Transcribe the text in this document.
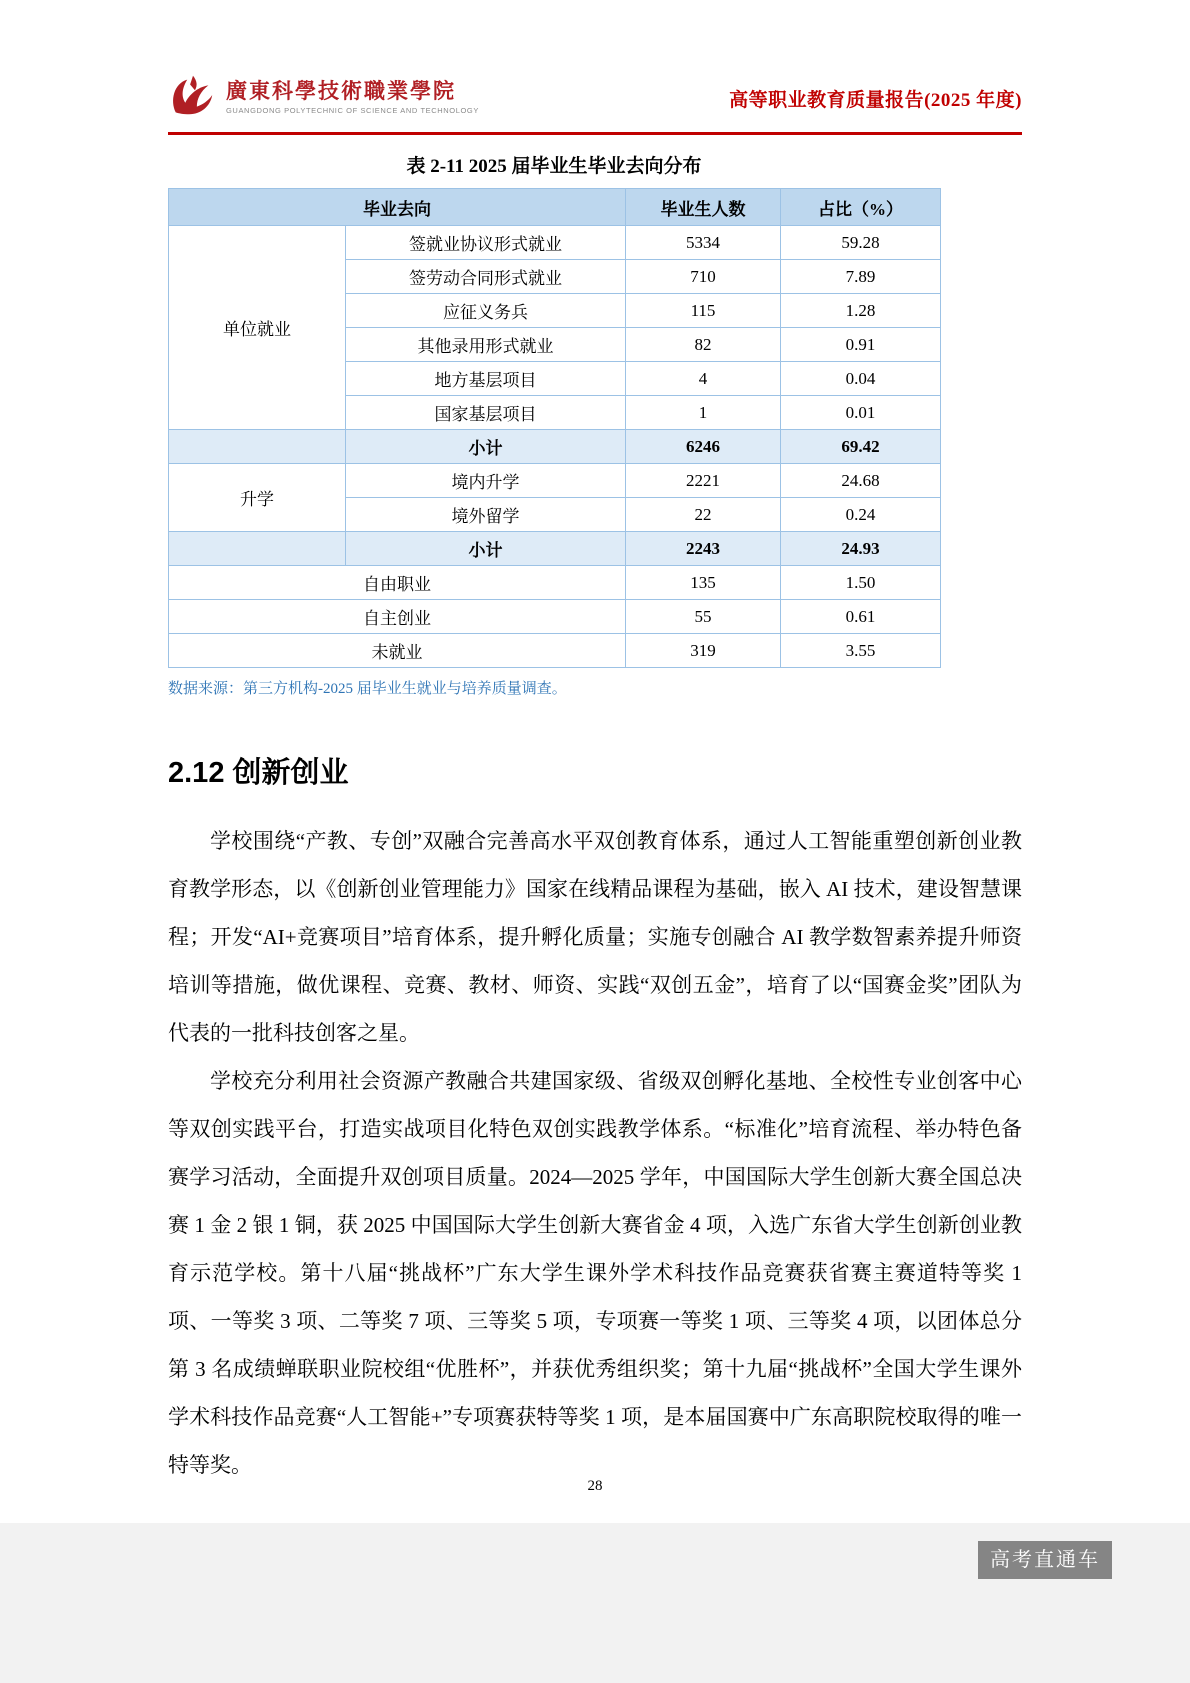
廣東科學技術職業學院
GUANGDONG POLYTECHNIC OF SCIENCE AND TECHNOLOGY
高等职业教育质量报告(2025 年度)
表 2-11 2025 届毕业生毕业去向分布
毕业去向		毕业生人数	占比（%）
单位就业	签就业协议形式就业	5334	59.28
	签劳动合同形式就业	710	7.89
	应征义务兵	115	1.28
	其他录用形式就业	82	0.91
	地方基层项目	4	0.04
	国家基层项目	1	0.01
	小计	6246	69.42
升学	境内升学	2221	24.68
	境外留学	22	0.24
	小计	2243	24.93
自由职业		135	1.50
自主创业		55	0.61
未就业		319	3.55
数据来源：第三方机构-2025 届毕业生就业与培养质量调查。
2.12 创新创业

学校围绕“产教、专创”双融合完善高水平双创教育体系，通过人工智能重塑创新创业教育教学形态，以《创新创业管理能力》国家在线精品课程为基础，嵌入 AI 技术，建设智慧课程；开发“AI+竞赛项目”培育体系，提升孵化质量；实施专创融合 AI 教学数智素养提升师资培训等措施，做优课程、竞赛、教材、师资、实践“双创五金”，培育了以“国赛金奖”团队为代表的一批科技创客之星。

学校充分利用社会资源产教融合共建国家级、省级双创孵化基地、全校性专业创客中心等双创实践平台，打造实战项目化特色双创实践教学体系。“标准化”培育流程、举办特色备赛学习活动，全面提升双创项目质量。2024—2025 学年，中国国际大学生创新大赛全国总决赛 1 金 2 银 1 铜，获 2025 中国国际大学生创新大赛省金 4 项，入选广东省大学生创新创业教育示范学校。第十八届“挑战杯”广东大学生课外学术科技作品竞赛获省赛主赛道特等奖 1 项、一等奖 3 项、二等奖 7 项、三等奖 5 项，专项赛一等奖 1 项、三等奖 4 项，以团体总分第 3 名成绩蝉联职业院校组“优胜杯”，并获优秀组织奖；第十九届“挑战杯”全国大学生课外学术科技作品竞赛“人工智能+”专项赛获特等奖 1 项，是本届国赛中广东高职院校取得的唯一特等奖。

28
高考直通车
